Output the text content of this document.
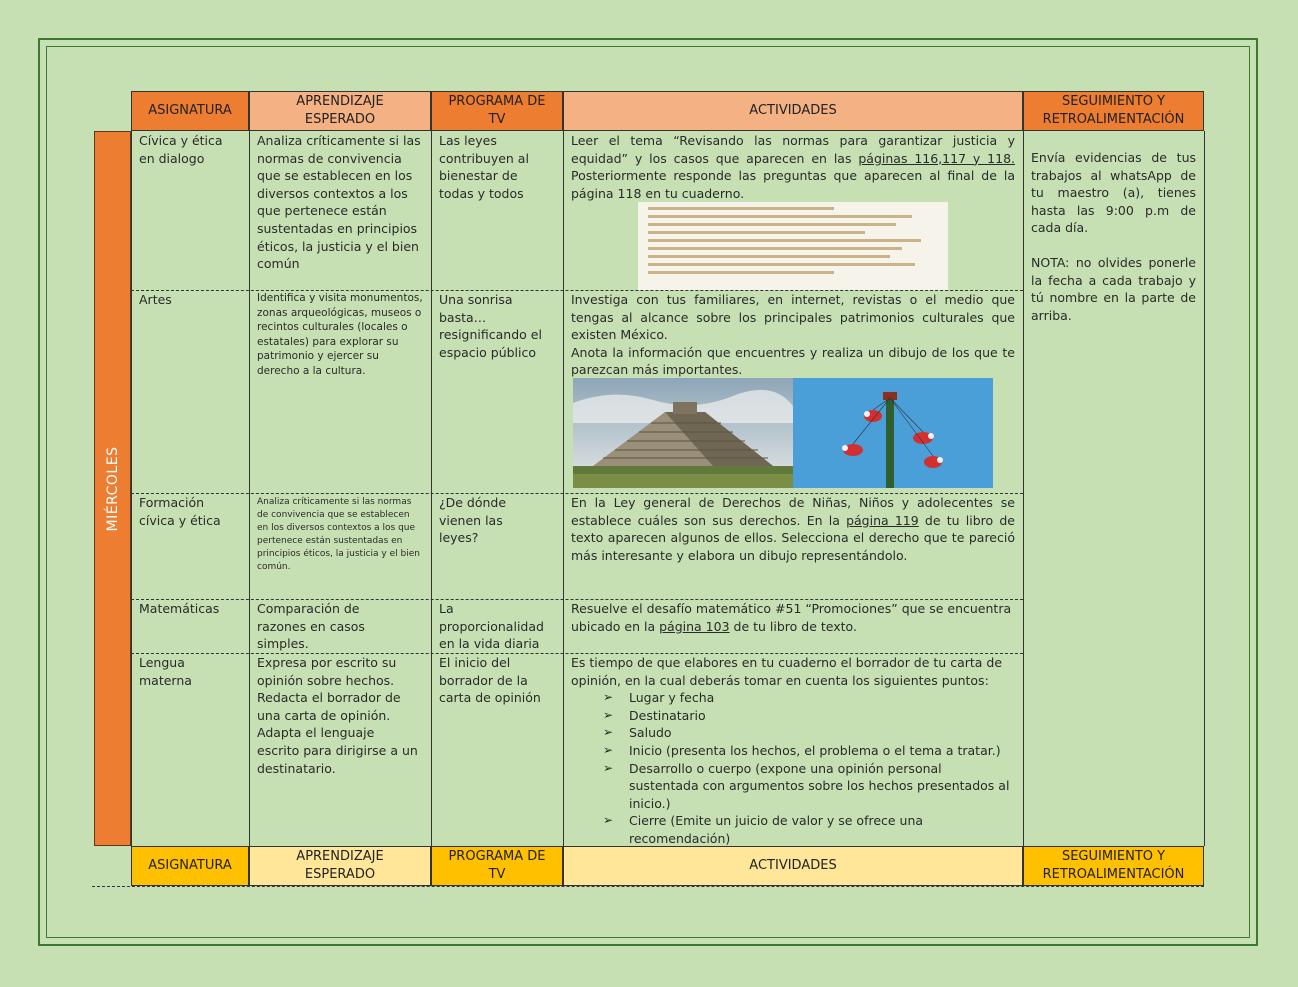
ASIGNATURA
APRENDIZAJE ESPERADO
PROGRAMA DE TV
ACTIVIDADES
SEGUIMIENTO Y RETROALIMENTACIÓN
MIÉRCOLES
Cívica y ética en dialogo
Analiza críticamente si las normas de convivencia que se establecen en los diversos contextos a los que pertenece están sustentadas en principios éticos, la justicia y el bien común
Las leyes contribuyen al bienestar de todas y todos
Leer el tema “Revisando las normas para garantizar justicia y equidad” y los casos que aparecen en las páginas 116,117 y 118. Posteriormente responde las preguntas que aparecen al final de la página 118 en tu cuaderno.
Artes	Identifica y visita monumentos, zonas arqueológicas, museos o recintos culturales (locales o estatales) para explorar su patrimonio y ejercer su derecho a la cultura.
Una sonrisa basta… resignificando el espacio público
Investiga con tus familiares, en internet, revistas o el medio que tengas al alcance sobre los principales patrimonios culturales que existen México.
Anota la información que encuentres y realiza un dibujo de los que te parezcan más importantes.
Formación cívica y ética
Analiza críticamente si las normas de convivencia que se establecen en los diversos contextos a los que pertenece están sustentadas en principios éticos, la justicia y el bien común.
¿De dónde vienen las leyes?
En la Ley general de Derechos de Niñas, Niños y adolecentes se establece cuáles son sus derechos. En la página 119 de tu libro de texto aparecen algunos de ellos. Selecciona el derecho que te pareció más interesante y elabora un dibujo representándolo.
Matemáticas	Comparación de razones en casos simples.
La proporcionalidad en la vida diaria
Resuelve el desafío matemático #51 “Promociones” que se encuentra ubicado en la página 103 de tu libro de texto.
Lengua materna
Expresa por escrito su opinión sobre hechos. Redacta el borrador de una carta de opinión. Adapta el lenguaje escrito para dirigirse a un destinatario.
El inicio del borrador de la carta de opinión
Es tiempo de que elabores en tu cuaderno el borrador de tu carta de opinión, en la cual deberás tomar en cuenta los siguientes puntos:
➢ Lugar y fecha
➢ Destinatario
➢ Saludo
➢ Inicio (presenta los hechos, el problema o el tema a tratar.)
➢ Desarrollo o cuerpo (expone una opinión personal sustentada con argumentos sobre los hechos presentados al inicio.)
➢ Cierre (Emite un juicio de valor y se ofrece una recomendación)
➢
➢
Envía evidencias de tus trabajos al whatsApp de tu maestro (a), tienes hasta las 9:00 p.m de cada día.
NOTA: no olvides ponerle la fecha a cada trabajo y tú nombre en la parte de arriba.
ASIGNATURA
APRENDIZAJE ESPERADO
PROGRAMA DE TV
ACTIVIDADES
SEGUIMIENTO Y RETROALIMENTACIÓN
